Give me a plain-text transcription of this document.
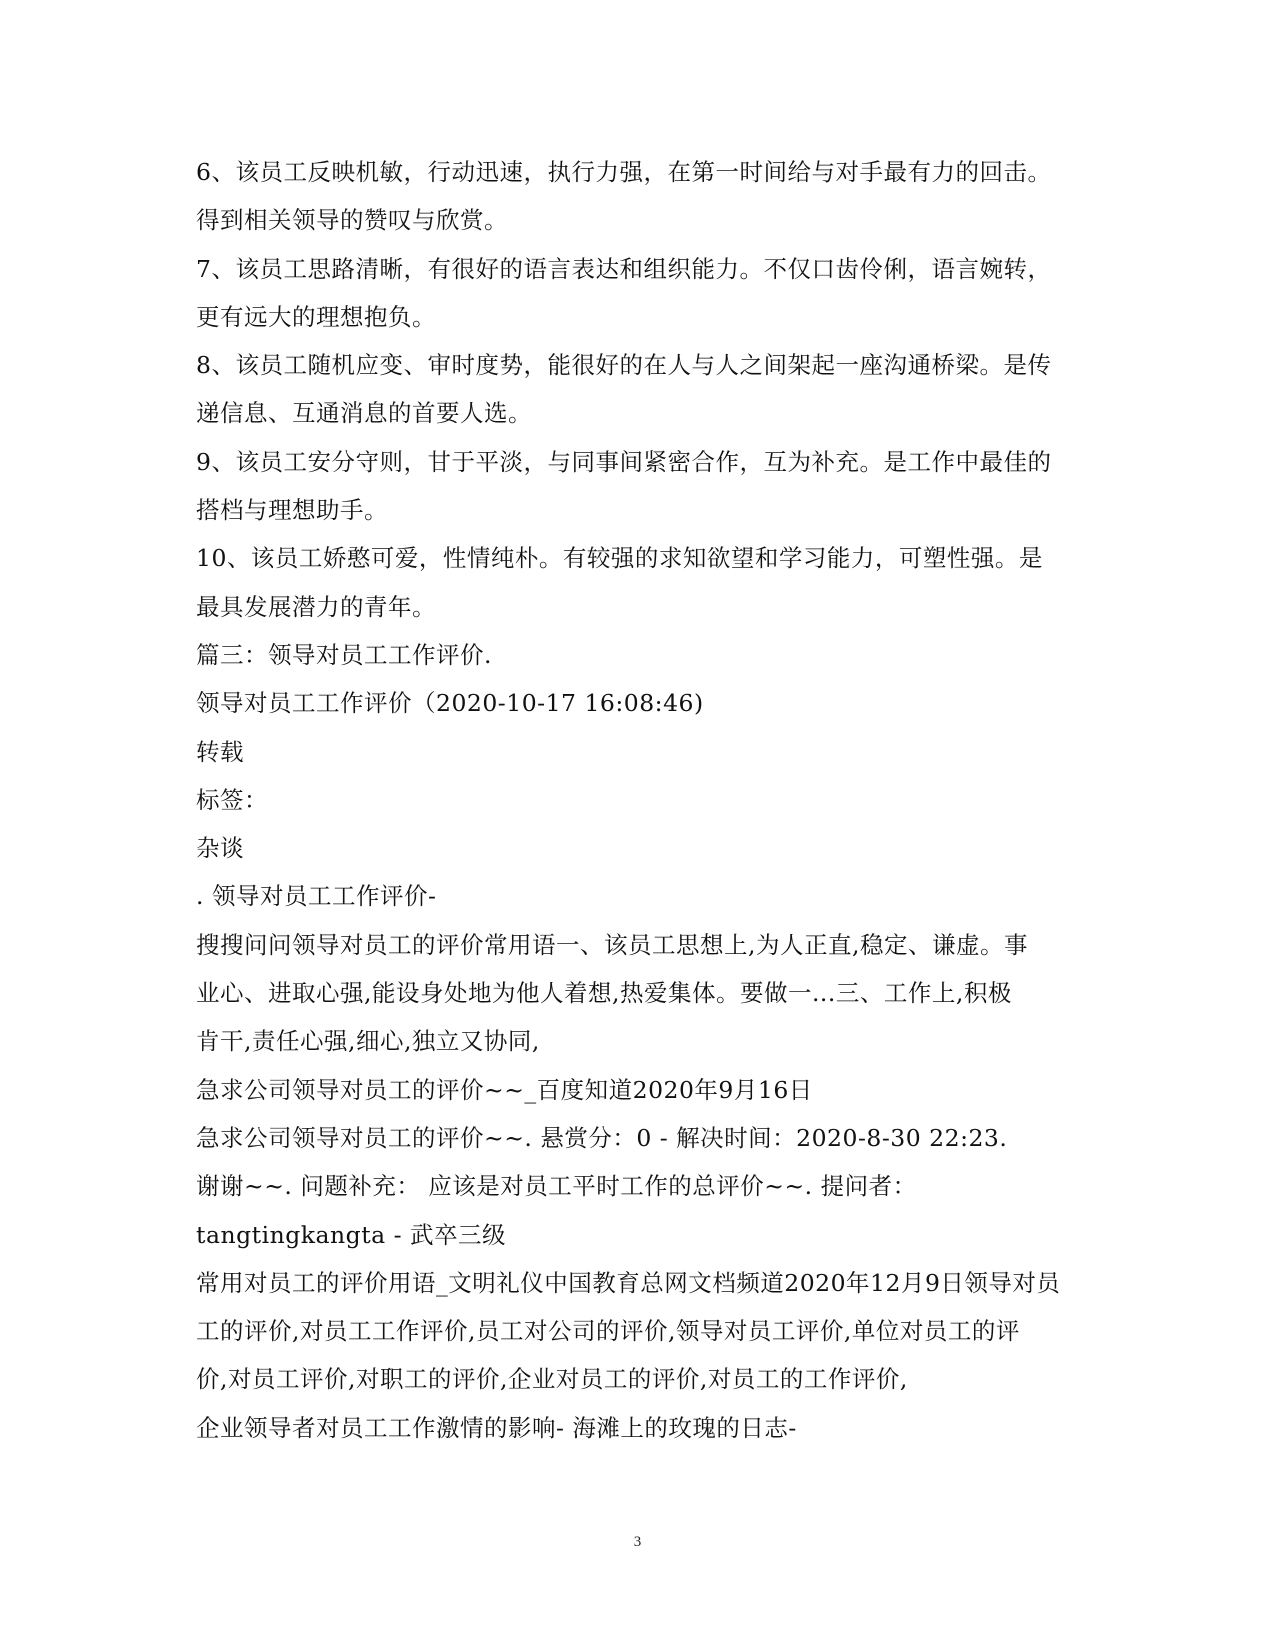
6、该员工反映机敏，行动迅速，执行力强，在第一时间给与对手最有力的回击。
得到相关领导的赞叹与欣赏。
7、该员工思路清晰，有很好的语言表达和组织能力。不仅口齿伶俐，语言婉转，
更有远大的理想抱负。
8、该员工随机应变、审时度势，能很好的在人与人之间架起一座沟通桥梁。是传
递信息、互通消息的首要人选。
9、该员工安分守则，甘于平淡，与同事间紧密合作，互为补充。是工作中最佳的
搭档与理想助手。
10、该员工娇憨可爱，性情纯朴。有较强的求知欲望和学习能力，可塑性强。是
最具发展潜力的青年。
篇三：领导对员工工作评价.
领导对员工工作评价（2020-10-17 16:08:46)
转载
标签：
杂谈
. 领导对员工工作评价-
搜搜问问领导对员工的评价常用语一、该员工思想上,为人正直,稳定、谦虚。事
业心、进取心强,能设身处地为他人着想,热爱集体。要做一...三、工作上,积极
肯干,责任心强,细心,独立又协同,
急求公司领导对员工的评价~~_百度知道2020年9月16日
急求公司领导对员工的评价~~. 悬赏分：0 - 解决时间：2020-8-30 22:23.
谢谢~~. 问题补充： 应该是对员工平时工作的总评价~~. 提问者：
tangtingkangta - 武卒三级
常用对员工的评价用语_文明礼仪中国教育总网文档频道2020年12月9日领导对员
工的评价,对员工工作评价,员工对公司的评价,领导对员工评价,单位对员工的评
价,对员工评价,对职工的评价,企业对员工的评价,对员工的工作评价,
企业领导者对员工工作激情的影响- 海滩上的玫瑰的日志-
3
